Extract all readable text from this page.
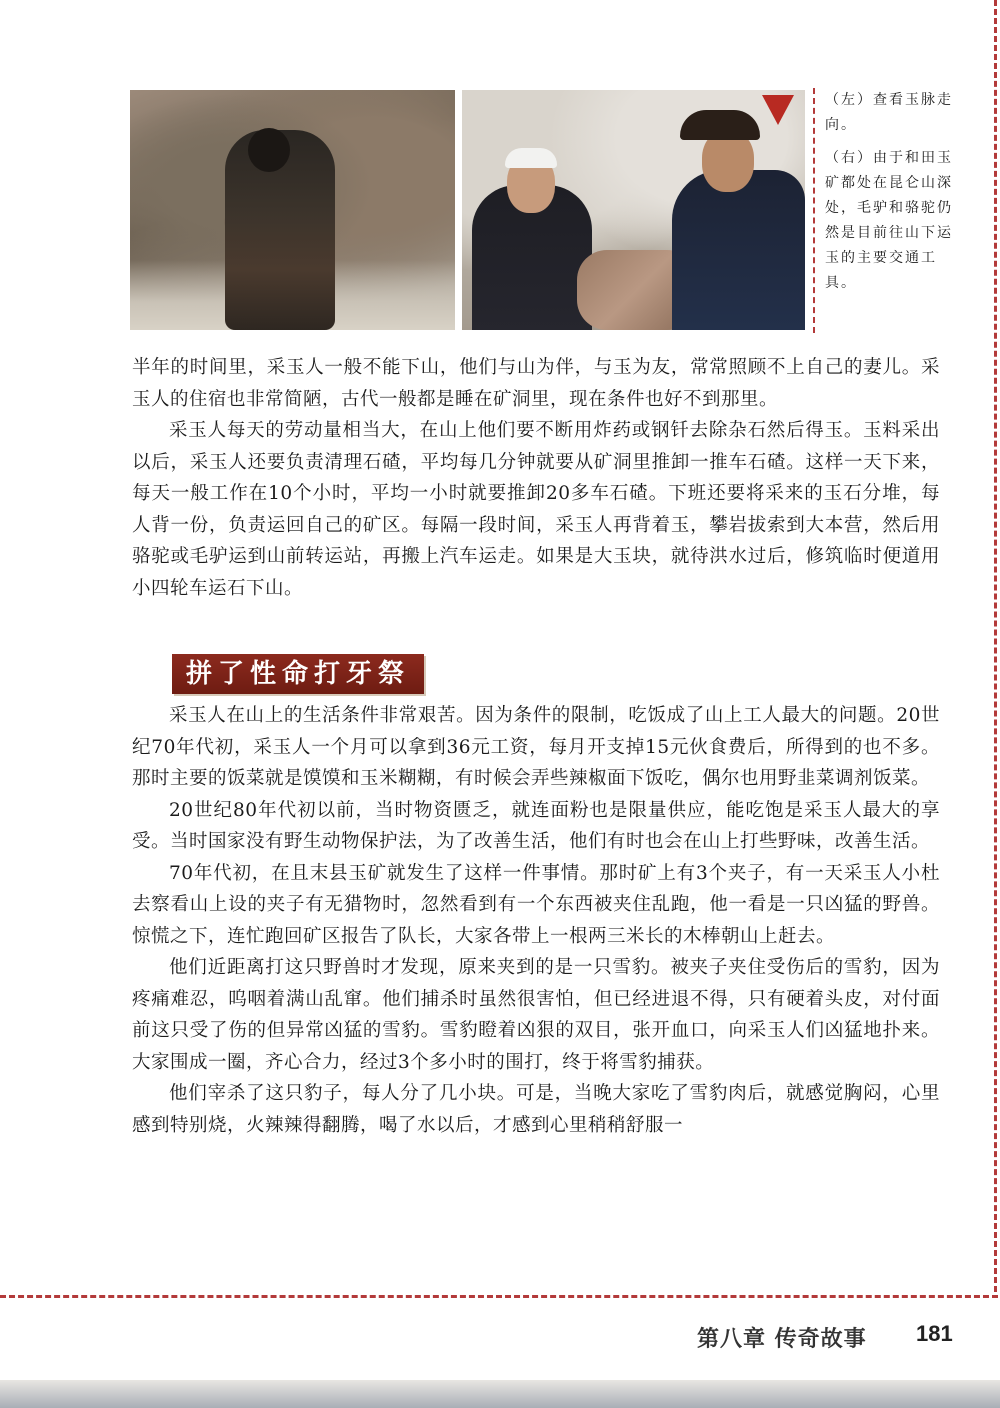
（左）查看玉脉走向。

（右）由于和田玉矿都处在昆仑山深处，毛驴和骆驼仍然是目前往山下运玉的主要交通工具。

半年的时间里，采玉人一般不能下山，他们与山为伴，与玉为友，常常照顾不上自己的妻儿。采玉人的住宿也非常简陋，古代一般都是睡在矿洞里，现在条件也好不到那里。

采玉人每天的劳动量相当大，在山上他们要不断用炸药或钢钎去除杂石然后得玉。玉料采出以后，采玉人还要负责清理石碴，平均每几分钟就要从矿洞里推卸一推车石碴。这样一天下来，每天一般工作在10个小时，平均一小时就要推卸20多车石碴。下班还要将采来的玉石分堆，每人背一份，负责运回自己的矿区。每隔一段时间，采玉人再背着玉，攀岩拔索到大本营，然后用骆驼或毛驴运到山前转运站，再搬上汽车运走。如果是大玉块，就待洪水过后，修筑临时便道用小四轮车运石下山。

拼了性命打牙祭

采玉人在山上的生活条件非常艰苦。因为条件的限制，吃饭成了山上工人最大的问题。20世纪70年代初，采玉人一个月可以拿到36元工资，每月开支掉15元伙食费后，所得到的也不多。那时主要的饭菜就是馍馍和玉米糊糊，有时候会弄些辣椒面下饭吃，偶尔也用野韭菜调剂饭菜。

20世纪80年代初以前，当时物资匮乏，就连面粉也是限量供应，能吃饱是采玉人最大的享受。当时国家没有野生动物保护法，为了改善生活，他们有时也会在山上打些野味，改善生活。

70年代初，在且末县玉矿就发生了这样一件事情。那时矿上有3个夹子，有一天采玉人小杜去察看山上设的夹子有无猎物时，忽然看到有一个东西被夹住乱跑，他一看是一只凶猛的野兽。惊慌之下，连忙跑回矿区报告了队长，大家各带上一根两三米长的木棒朝山上赶去。

他们近距离打这只野兽时才发现，原来夹到的是一只雪豹。被夹子夹住受伤后的雪豹，因为疼痛难忍，呜咽着满山乱窜。他们捕杀时虽然很害怕，但已经进退不得，只有硬着头皮，对付面前这只受了伤的但异常凶猛的雪豹。雪豹瞪着凶狠的双目，张开血口，向采玉人们凶猛地扑来。大家围成一圈，齐心合力，经过3个多小时的围打，终于将雪豹捕获。

他们宰杀了这只豹子，每人分了几小块。可是，当晚大家吃了雪豹肉后，就感觉胸闷，心里感到特别烧，火辣辣得翻腾，喝了水以后，才感到心里稍稍舒服一

第八章 传奇故事 181
